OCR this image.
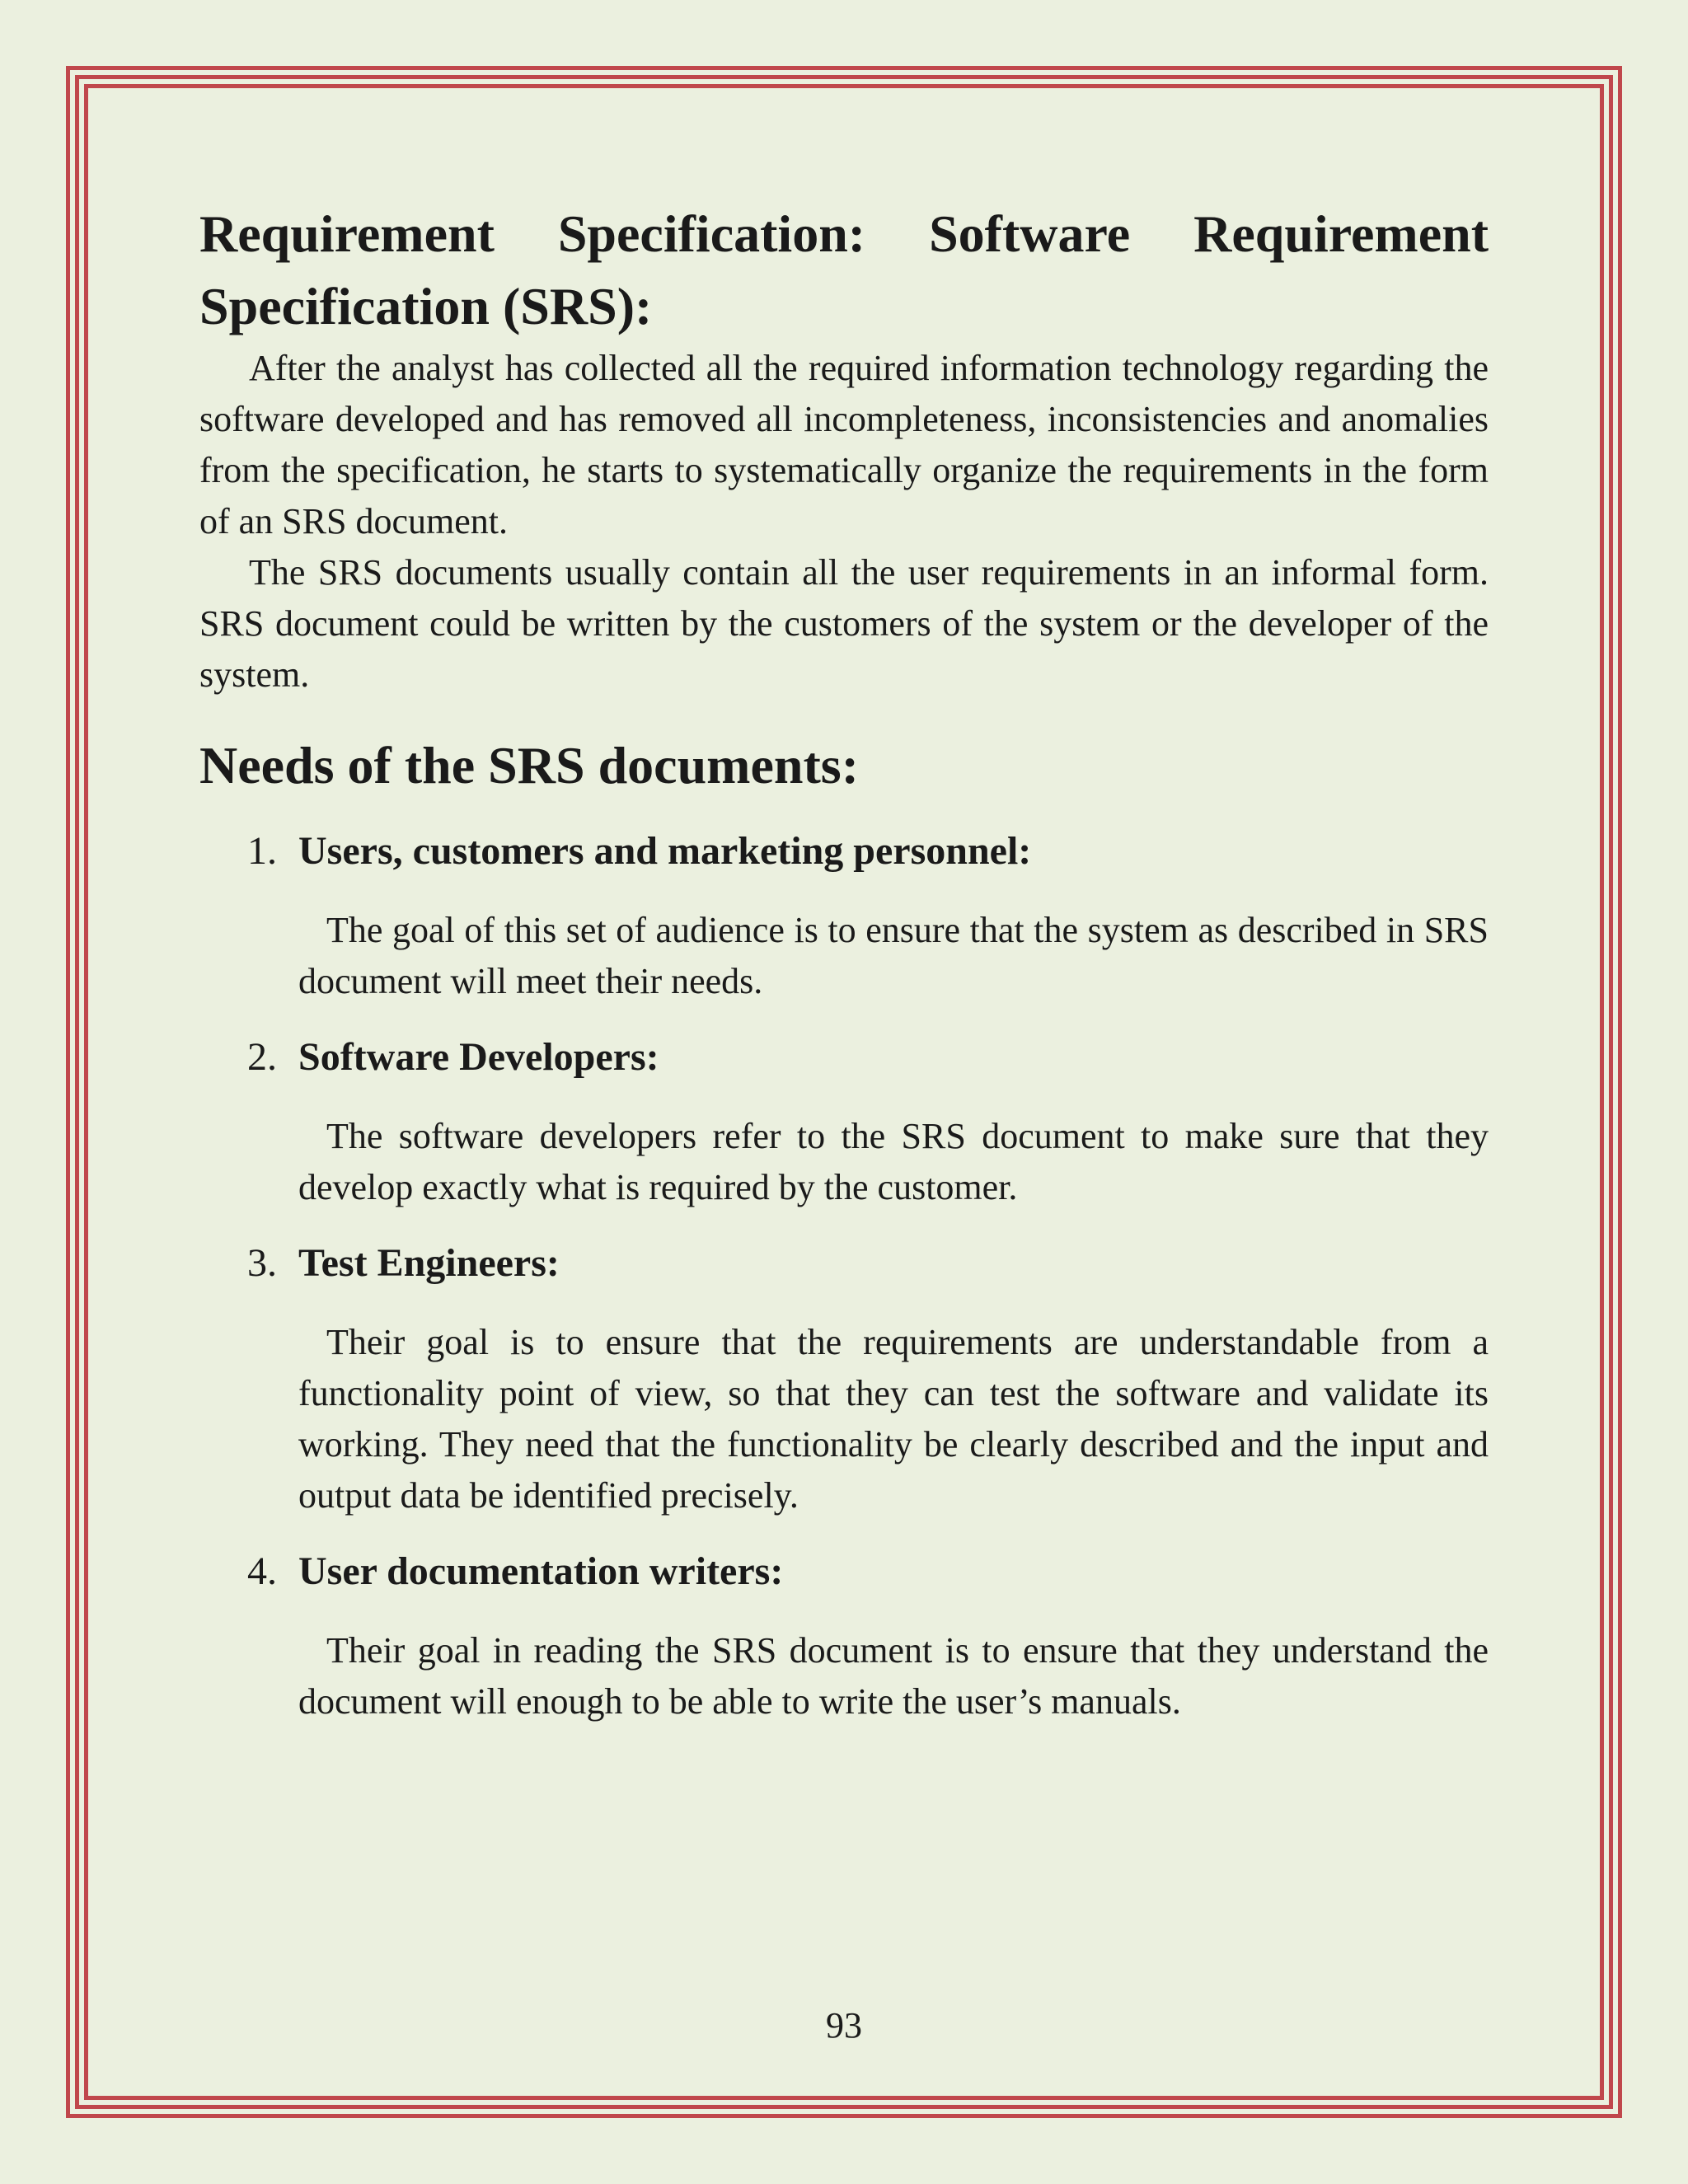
Requirement Specification: Software Requirement
Specification (SRS):

After the analyst has collected all the required information technology regarding the software developed and has removed all incompleteness, inconsistencies and anomalies from the specification, he starts to systematically organize the requirements in the form of an SRS document.

The SRS documents usually contain all the user requirements in an informal form. SRS document could be written by the customers of the system or the developer of the system.

Needs of the SRS documents:
1. Users, customers and marketing personnel:

The goal of this set of audience is to ensure that the system as described in SRS document will meet their needs.

2. Software Developers:

The software developers refer to the SRS document to make sure that they develop exactly what is required by the customer.

3. Test Engineers:

Their goal is to ensure that the requirements are understandable from a functionality point of view, so that they can test the software and validate its working. They need that the functionality be clearly described and the input and output data be identified precisely.

4. User documentation writers:

Their goal in reading the SRS document is to ensure that they understand the document will enough to be able to write the user’s manuals.

93
